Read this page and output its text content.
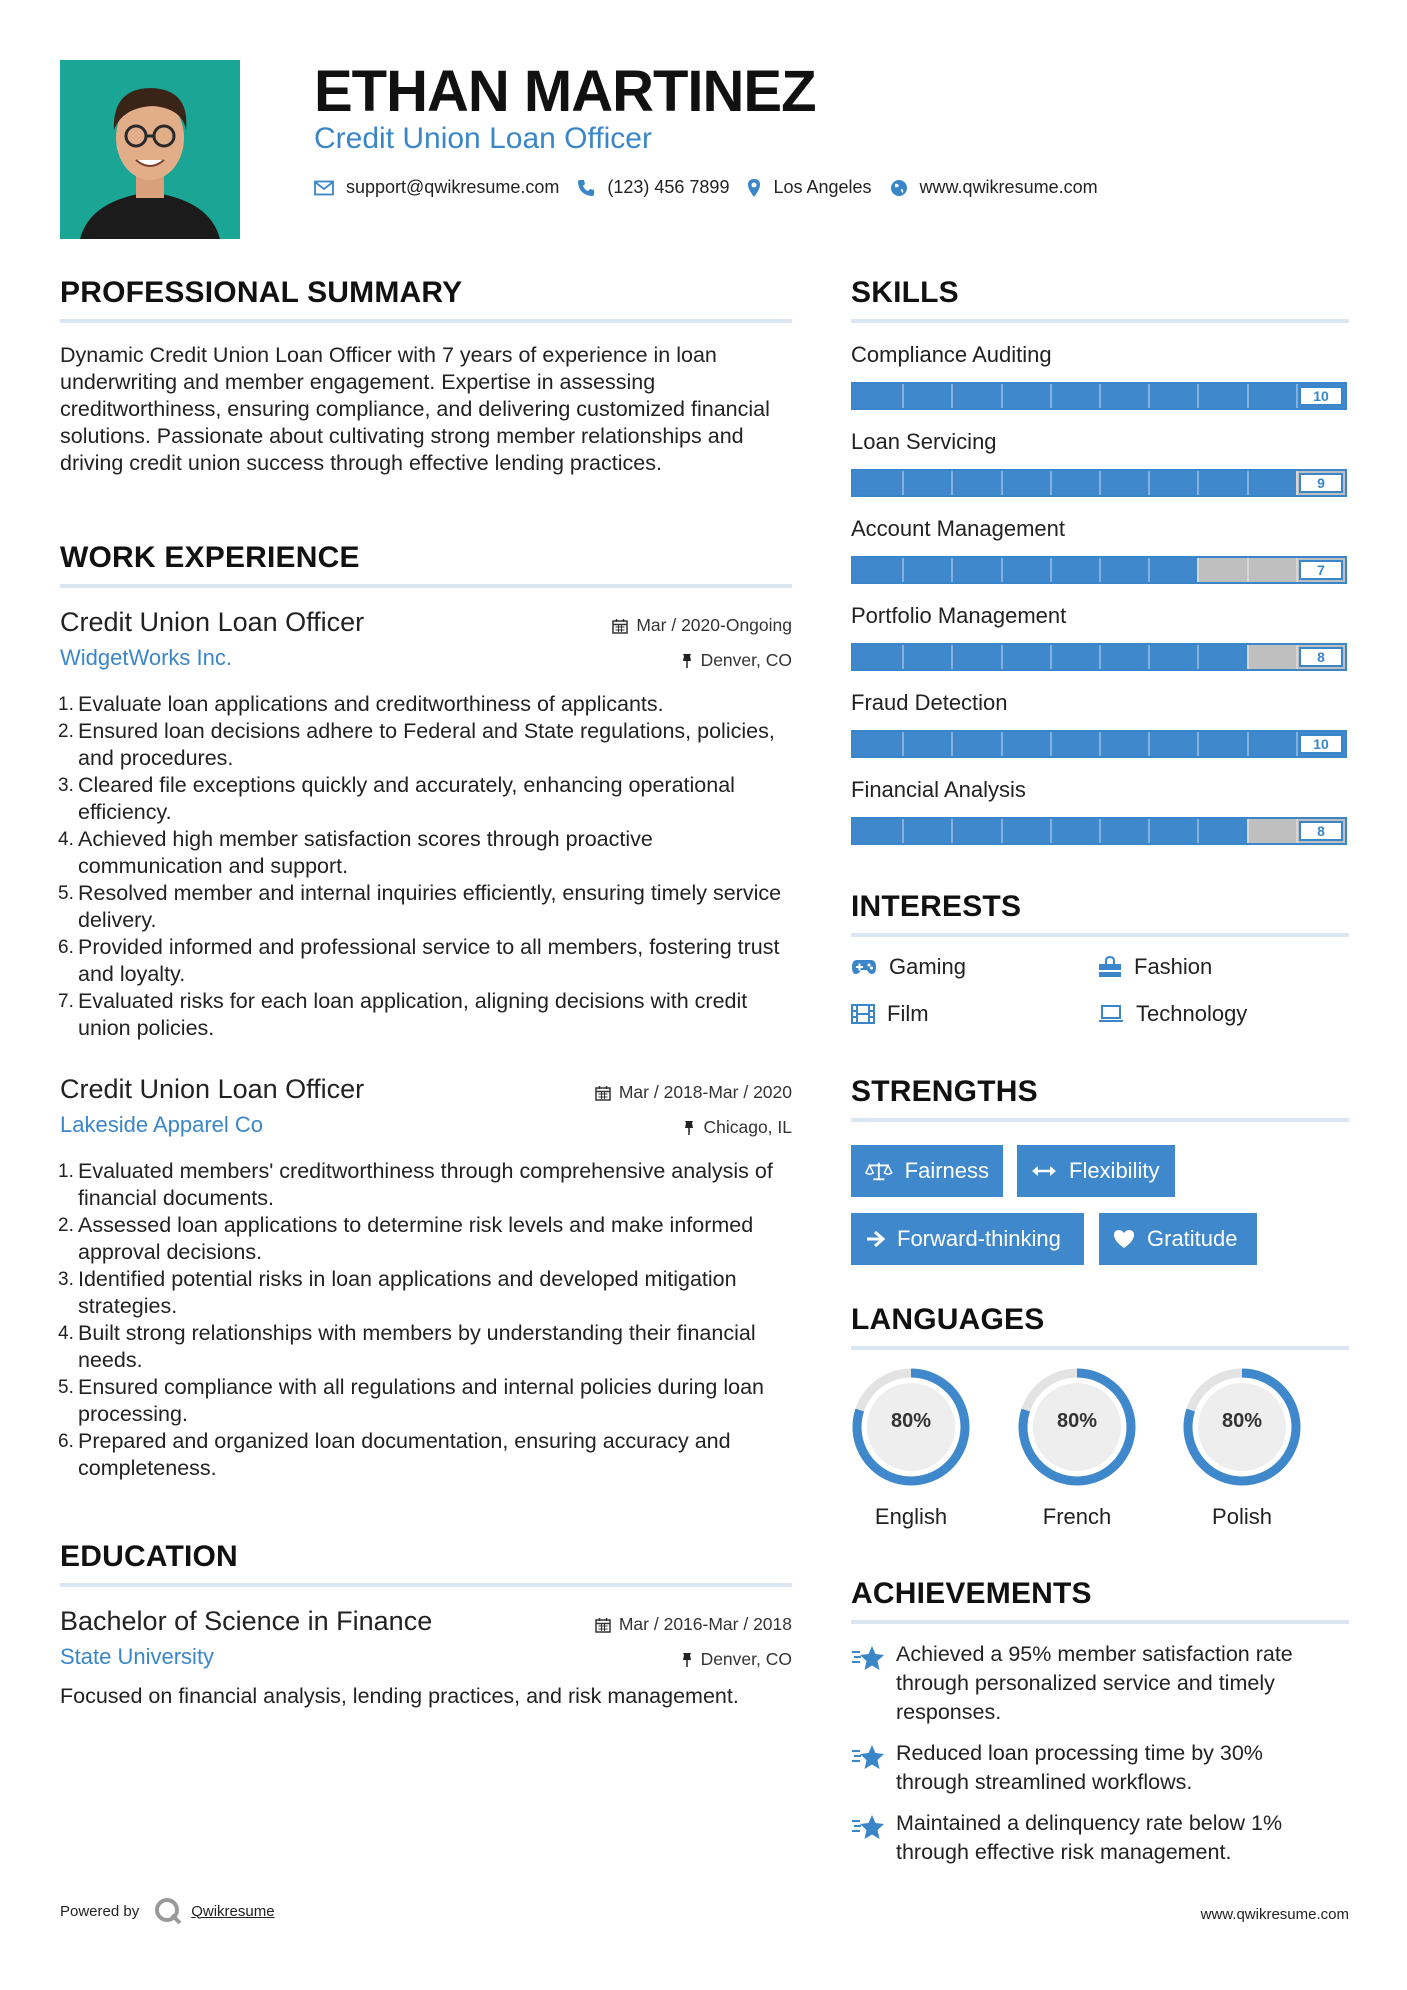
ETHAN MARTINEZ
Credit Union Loan Officer
support@qwikresume.com	(123) 456 7899 Los Angeles	www.qwikresume.com
PROFESSIONAL SUMMARY
Dynamic Credit Union Loan Officer with 7 years of experience in loan underwriting and member engagement. Expertise in assessing creditworthiness, ensuring compliance, and delivering customized financial solutions. Passionate about cultivating strong member relationships and driving credit union success through effective lending practices.
WORK EXPERIENCE
Credit Union Loan Officer	Mar / 2020-Ongoing
WidgetWorks Inc.	Denver, CO
1. Evaluate loan applications and creditworthiness of applicants.
2. Ensured loan decisions adhere to Federal and State regulations, policies, and procedures.
3. Cleared file exceptions quickly and accurately, enhancing operational efficiency.
4. Achieved high member satisfaction scores through proactive communication and support.
5. Resolved member and internal inquiries efficiently, ensuring timely service delivery.
6. Provided informed and professional service to all members, fostering trust and loyalty.
7. Evaluated risks for each loan application, aligning decisions with credit union policies.
Credit Union Loan Officer	Mar / 2018-Mar / 2020
Lakeside Apparel Co	Chicago, IL
1. Evaluated members' creditworthiness through comprehensive analysis of financial documents.
2. Assessed loan applications to determine risk levels and make informed approval decisions.
3. Identified potential risks in loan applications and developed mitigation strategies.
4. Built strong relationships with members by understanding their financial needs.
5. Ensured compliance with all regulations and internal policies during loan processing.
6. Prepared and organized loan documentation, ensuring accuracy and completeness.
EDUCATION
Bachelor of Science in Finance	Mar / 2016-Mar / 2018
State University	Denver, CO
Focused on financial analysis, lending practices, and risk management.
SKILLS
Compliance Auditing
10
Loan Servicing
9
Account Management
7
Portfolio Management
8
Fraud Detection
10
Financial Analysis
8
INTERESTS
Gaming	Fashion
Film	Technology
STRENGTHS
Fairness	Flexibility
Forward-thinking	Gratitude
LANGUAGES
80%
English
80%
French
80%
Polish
ACHIEVEMENTS
Achieved a 95% member satisfaction rate through personalized service and timely responses.
Reduced loan processing time by 30% through streamlined workflows.
Maintained a delinquency rate below 1% through effective risk management.
Powered by	Qwikresume	www.qwikresume.com
